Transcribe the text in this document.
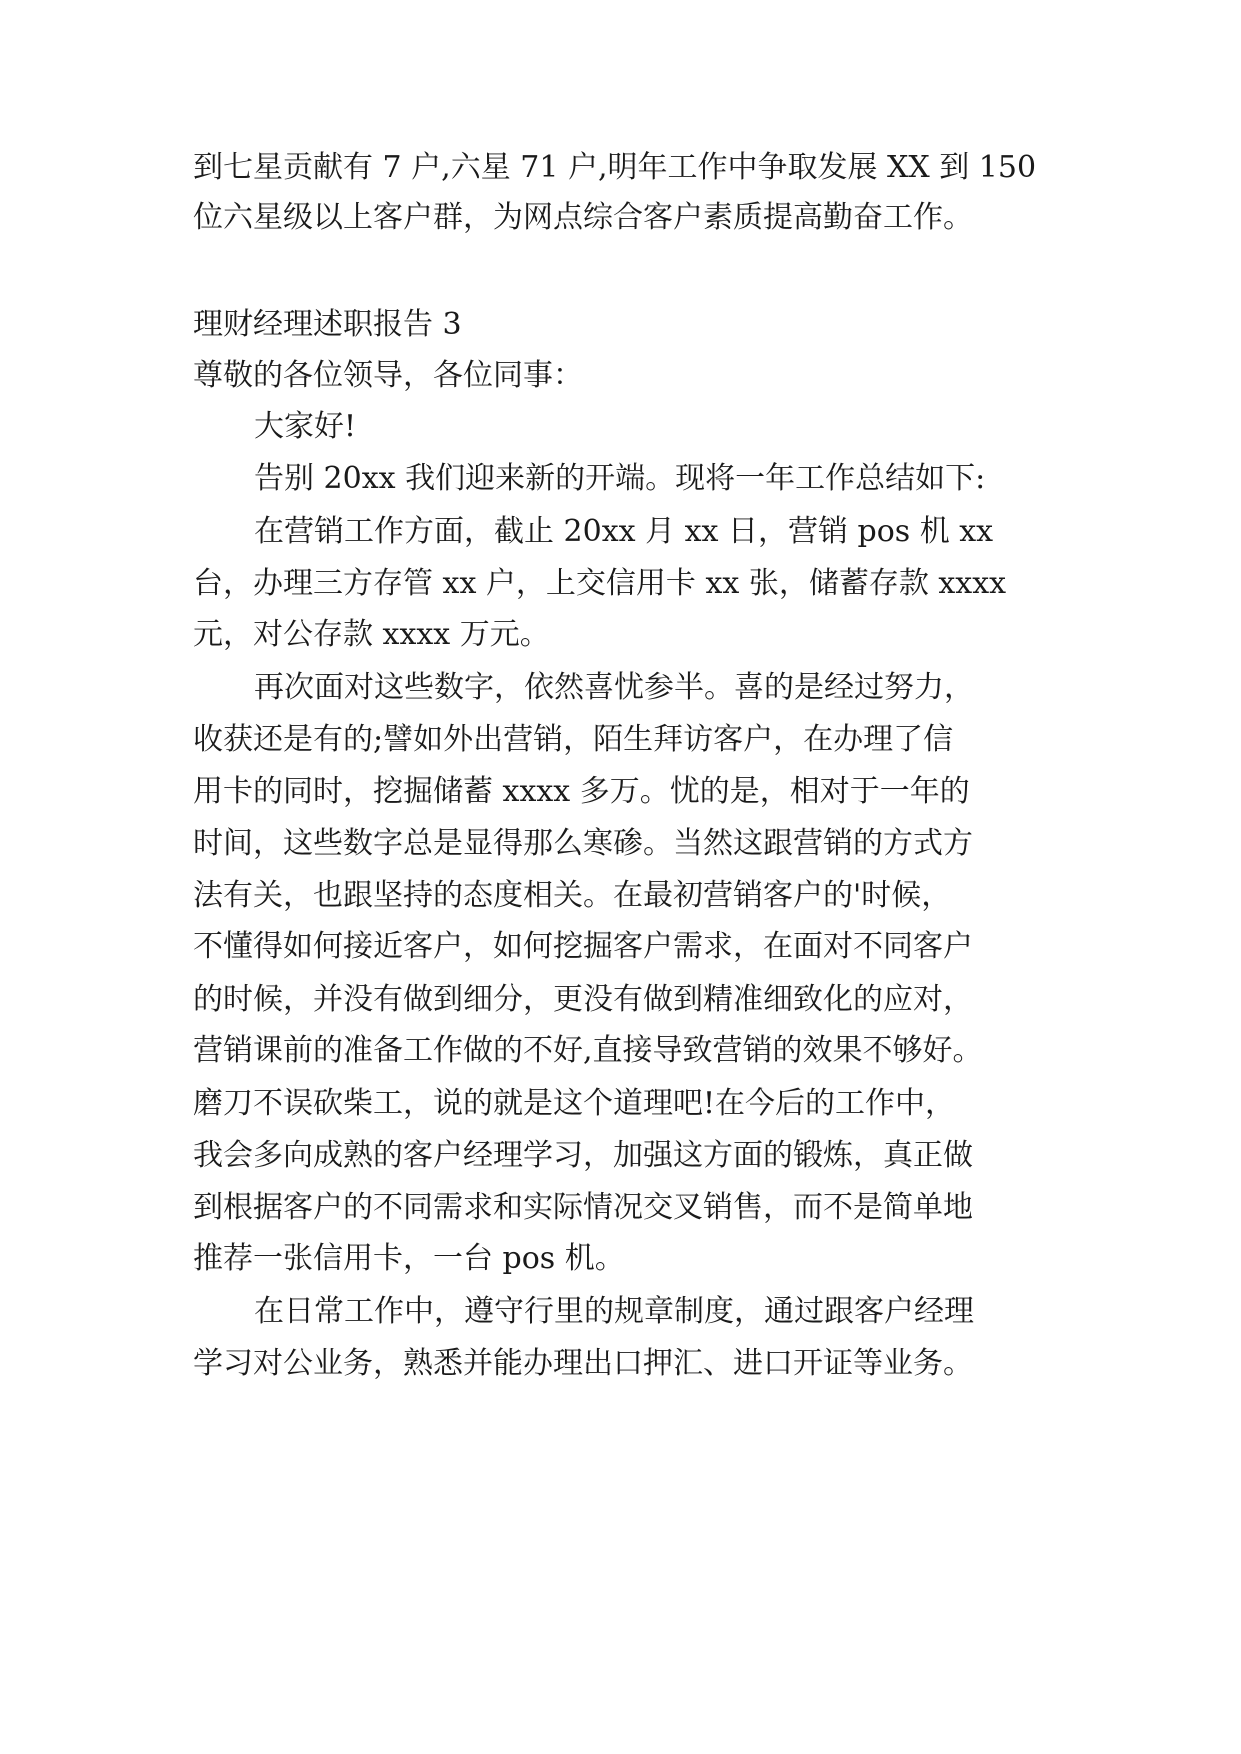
到七星贡献有 7 户,六星 71 户,明年工作中争取发展 XX 到 150
位六星级以上客户群，为网点综合客户素质提高勤奋工作。
理财经理述职报告 3
尊敬的各位领导，各位同事：
大家好!
告别 20xx 我们迎来新的开端。现将一年工作总结如下:
在营销工作方面，截止 20xx 月 xx 日，营销 pos 机 xx
台，办理三方存管 xx 户，上交信用卡 xx 张，储蓄存款 xxxx
元，对公存款 xxxx 万元。
再次面对这些数字，依然喜忧参半。喜的是经过努力，
收获还是有的;譬如外出营销，陌生拜访客户，在办理了信
用卡的同时，挖掘储蓄 xxxx 多万。忧的是，相对于一年的
时间，这些数字总是显得那么寒碜。当然这跟营销的方式方
法有关，也跟坚持的态度相关。在最初营销客户的'时候，
不懂得如何接近客户，如何挖掘客户需求，在面对不同客户
的时候，并没有做到细分，更没有做到精准细致化的应对，
营销课前的准备工作做的不好,直接导致营销的效果不够好。
磨刀不误砍柴工，说的就是这个道理吧!在今后的工作中，
我会多向成熟的客户经理学习，加强这方面的锻炼，真正做
到根据客户的不同需求和实际情况交叉销售，而不是简单地
推荐一张信用卡，一台 pos 机。
在日常工作中，遵守行里的规章制度，通过跟客户经理
学习对公业务，熟悉并能办理出口押汇、进口开证等业务。
